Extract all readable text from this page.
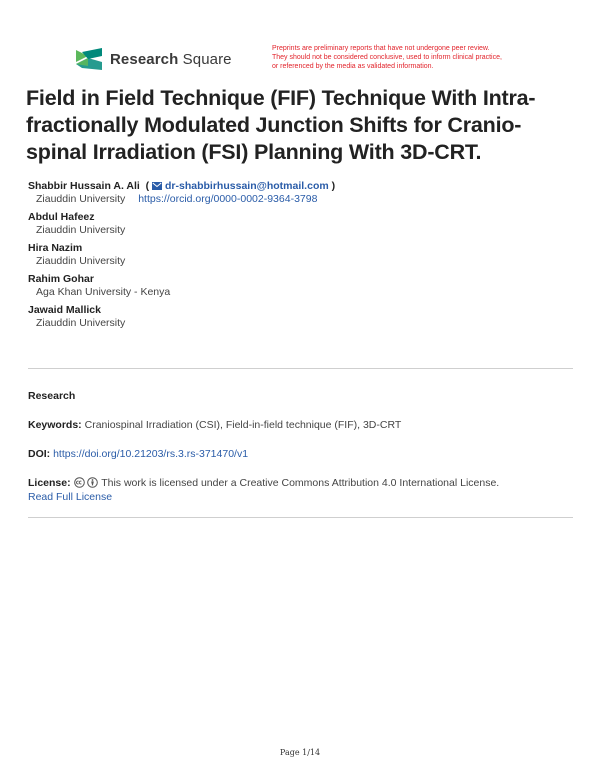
Research Square
Preprints are preliminary reports that have not undergone peer review.
They should not be considered conclusive, used to inform clinical practice,
or referenced by the media as validated information.
Field in Field Technique (FIF) Technique With Intra-
fractionally Modulated Junction Shifts for Cranio-
spinal Irradiation (FSI) Planning With 3D-CRT.
Shabbir Hussain A. Ali  ( dr-shabbirhussain@hotmail.com )
Ziauddin University https://orcid.org/0000-0002-9364-3798
Abdul Hafeez
Ziauddin University
Hira Nazim
Ziauddin University
Rahim Gohar
Aga Khan University - Kenya
Jawaid Mallick
Ziauddin University
Research
Keywords: Craniospinal Irradiation (CSI), Field-in-field technique (FIF), 3D-CRT
DOI: https://doi.org/10.21203/rs.3.rs-371470/v1
License:	This work is licensed under a Creative Commons Attribution 4.0 International License.
Read Full License
Page 1/14
